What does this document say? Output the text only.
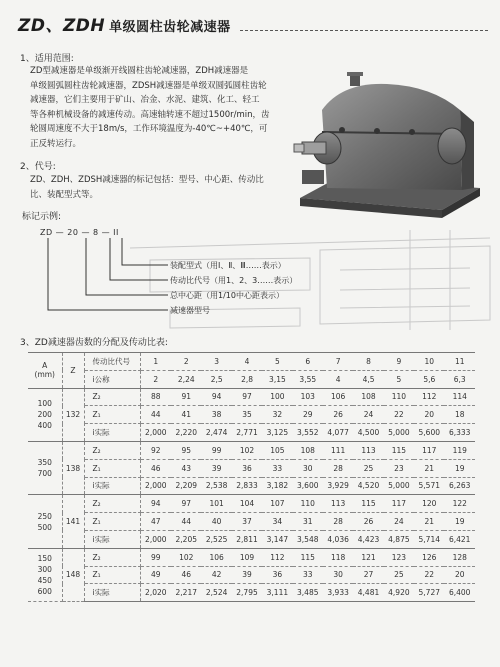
ZD、ZDH 单级圆柱齿轮减速器
1、适用范围:
ZD型减速器是单级渐开线圆柱齿轮减速器，ZDH减速器是
单级圆弧圆柱齿轮减速器，ZDSH减速器是单级双圆弧圆柱齿轮
减速器，它们主要用于矿山、冶金、水泥、建筑、化工、轻工
等各种机械设备的减速传动。高速轴转速不超过1500r/min，齿
轮圆周速度不大于18m/s，工作环境温度为-40℃~+40℃，可
正反转运行。
2、代号:
ZD、ZDH、ZDSH减速器的标记包括：型号、中心距、传动比
比、装配型式等。
标记示例:
ZD — 20 — 8 — II
装配型式（用Ⅰ、Ⅱ、Ⅲ……表示）
传动比代号（用1、2、3……表示）
总中心距（用1/10中心距表示）
减速器型号
3、ZD减速器齿数的分配及传动比表:
A
(mm)	Z	传动比代号	1	2	3	4	5	6	7	8	9	10	11
		i公称	2	2,24	2,5	2,8	3,15	3,55	4	4,5	5	5,6	6,3

100
200
400	132	Z₂	88	91	94	97	100	103	106	108	110	112	114
		Z₁	44	41	38	35	32	29	26	24	22	20	18
		i实际	2,000	2,220	2,474	2,771	3,125	3,552	4,077	4,500	5,000	5,600	6,333

350
700	138	Z₂	92	95	99	102	105	108	111	113	115	117	119
		Z₁	46	43	39	36	33	30	28	25	23	21	19
		i实际	2,000	2,209	2,538	2,833	3,182	3,600	3,929	4,520	5,000	5,571	6,263

250
500	141	Z₂	94	97	101	104	107	110	113	115	117	120	122
		Z₁	47	44	40	37	34	31	28	26	24	21	19
		i实际	2,000	2,205	2,525	2,811	3,147	3,548	4,036	4,423	4,875	5,714	6,421

150
300
450
600	148	Z₂	99	102	106	109	112	115	118	121	123	126	128
		Z₁	49	46	42	39	36	33	30	27	25	22	20
		i实际	2,020	2,217	2,524	2,795	3,111	3,485	3,933	4,481	4,920	5,727	6,400
